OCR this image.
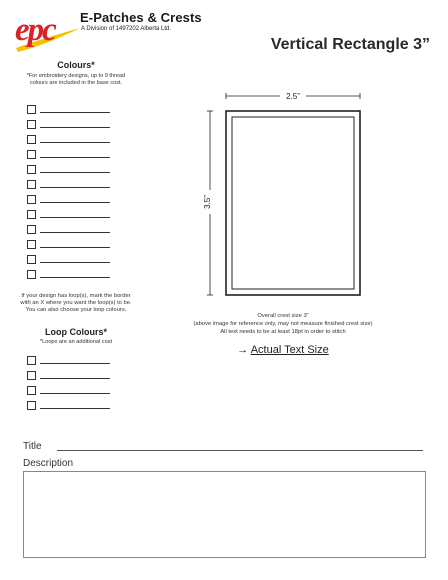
epc E-Patches & Crests
A Division of 1497202 Alberta Ltd.
Vertical Rectangle 3”
Colours*
*For embroidery designs, up to 9 thread colours are included in the base cost.
If your design has loop(s), mark the border with an X where you want the loop(s) to be. You can also choose your loop colours.
Loop Colours*
*Loops are an additional cost
2.5”
3.5”
Overall crest size 3”
(above image for reference only, may not measure finished crest size)
All text needs to be at least 18pt in order to stitch
→ Actual Text Size
Title
Description
